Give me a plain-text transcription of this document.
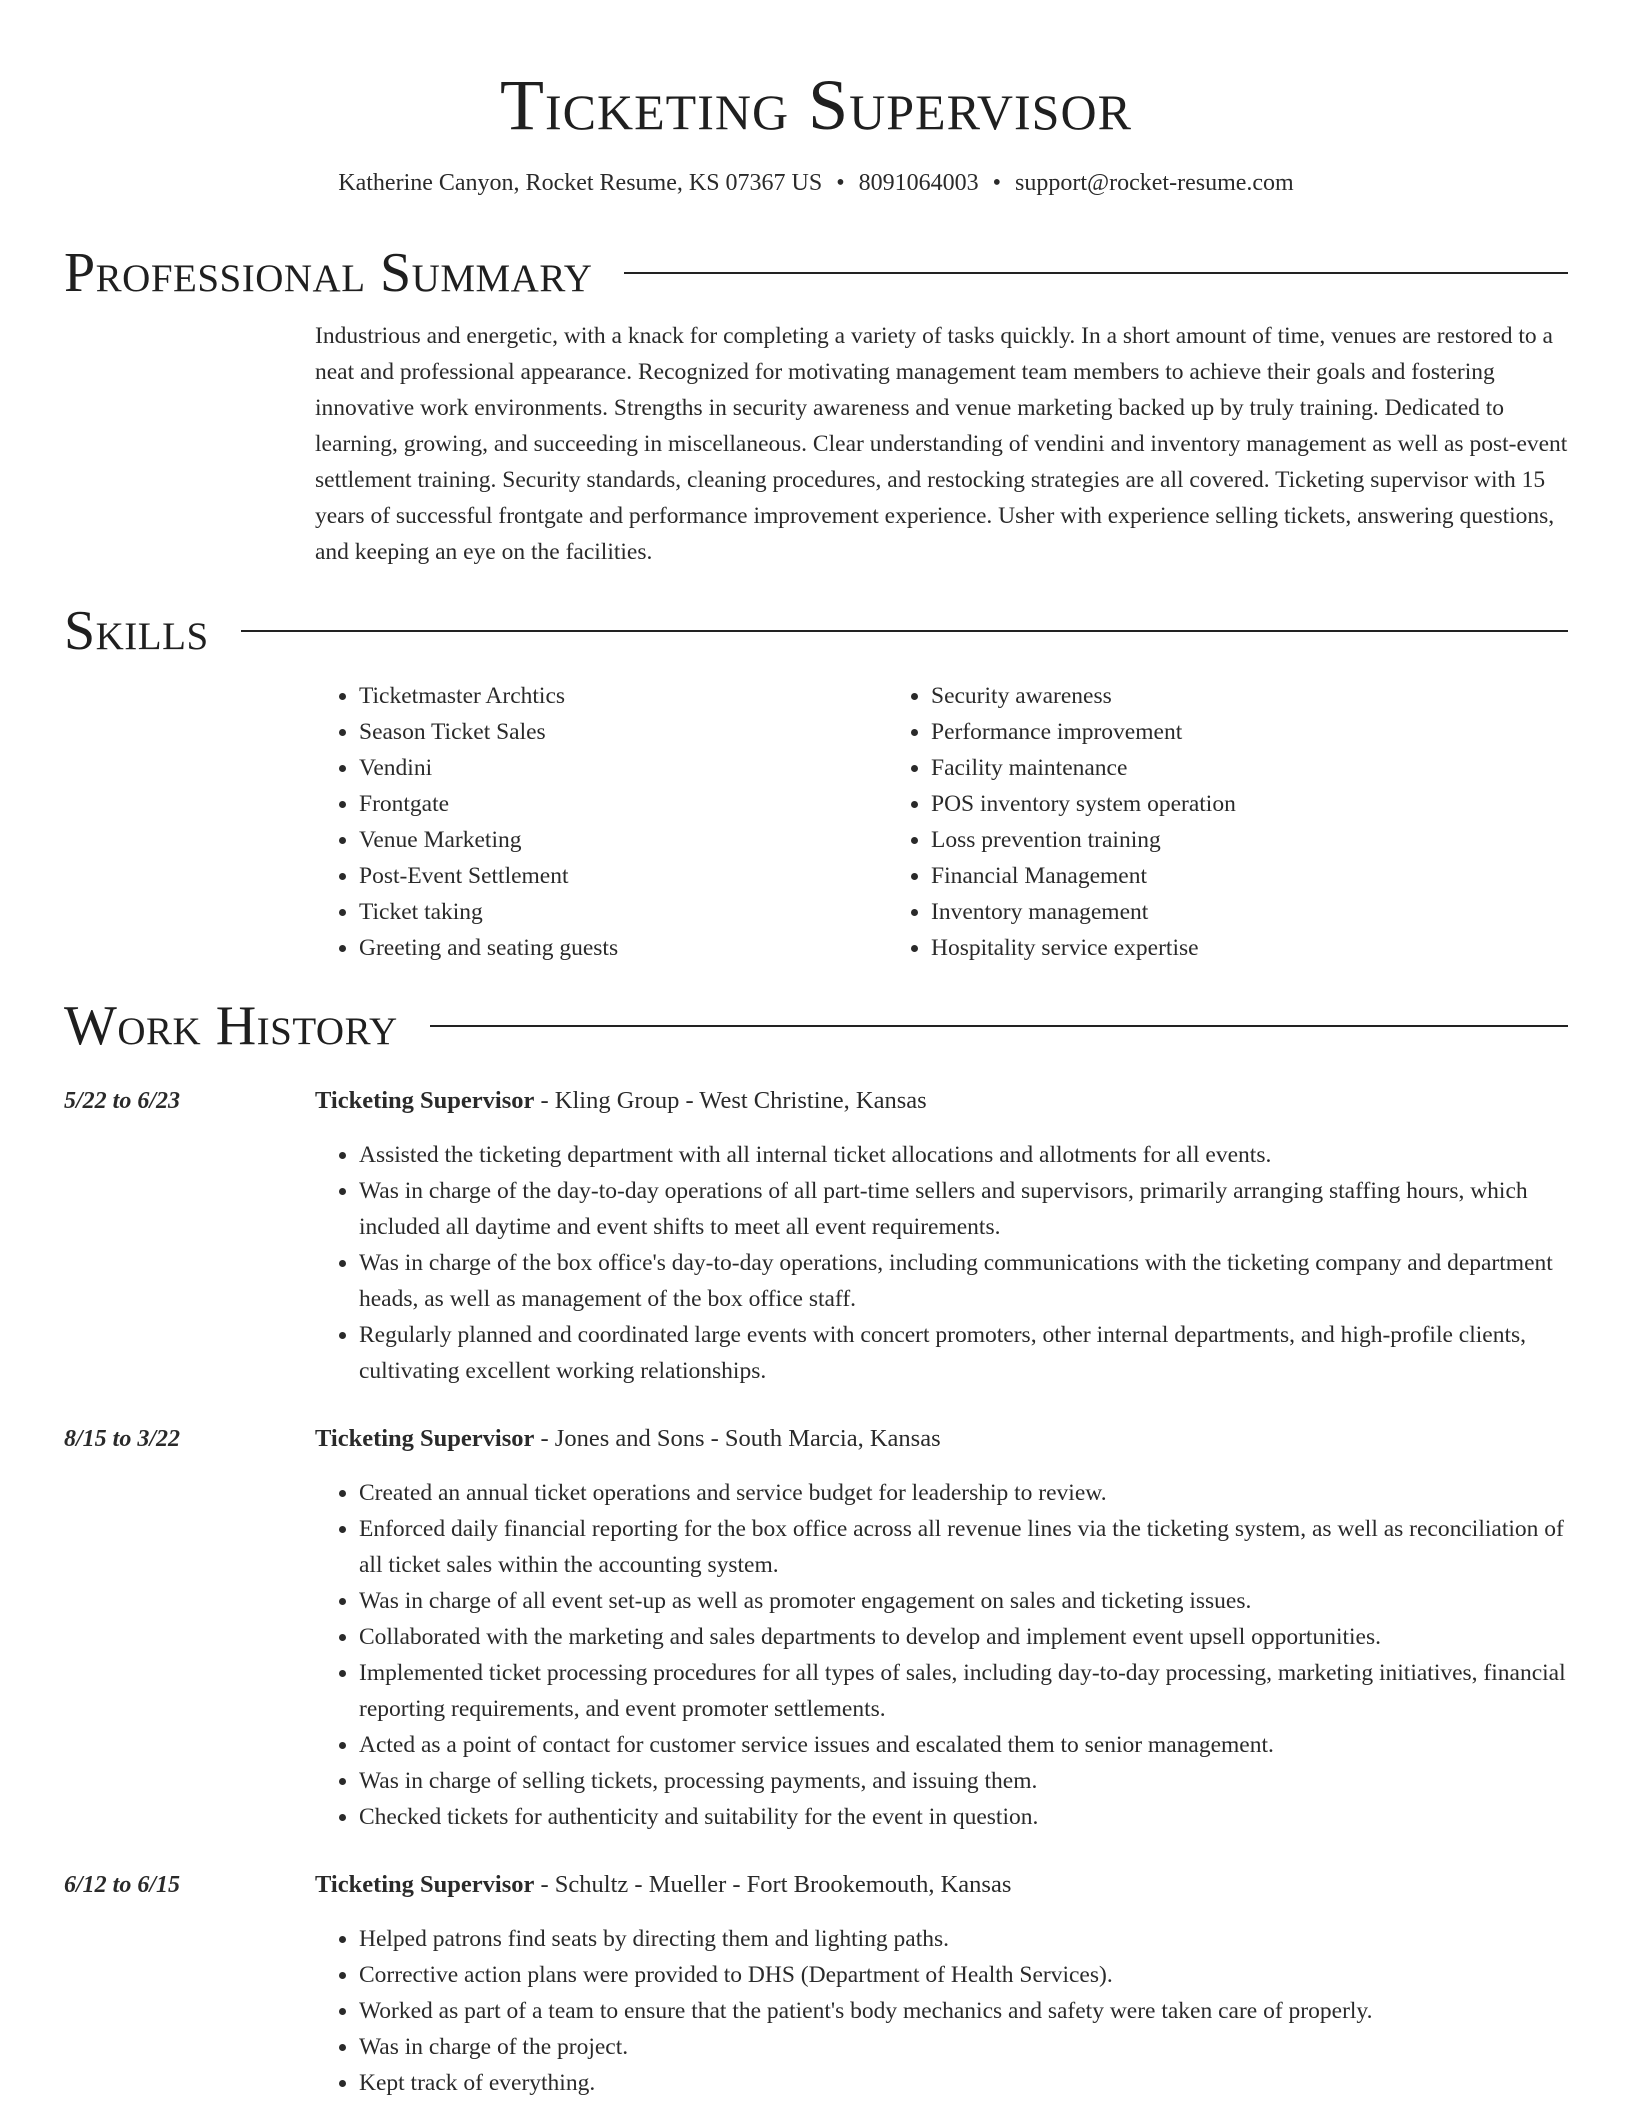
Ticketing Supervisor
Katherine Canyon, Rocket Resume, KS 07367 US • 8091064003 • support@rocket-resume.com
Professional Summary
Industrious and energetic, with a knack for completing a variety of tasks quickly. In a short amount of time, venues are restored to a neat and professional appearance. Recognized for motivating management team members to achieve their goals and fostering innovative work environments. Strengths in security awareness and venue marketing backed up by truly training. Dedicated to learning, growing, and succeeding in miscellaneous. Clear understanding of vendini and inventory management as well as post-event settlement training. Security standards, cleaning procedures, and restocking strategies are all covered. Ticketing supervisor with 15 years of successful frontgate and performance improvement experience. Usher with experience selling tickets, answering questions, and keeping an eye on the facilities.
Skills
• Ticketmaster Archtics
• Season Ticket Sales
• Vendini
• Frontgate
• Venue Marketing
• Post-Event Settlement
• Ticket taking
• Greeting and seating guests
• Security awareness
• Performance improvement
• Facility maintenance
• POS inventory system operation
• Loss prevention training
• Financial Management
• Inventory management
• Hospitality service expertise
Work History
5/22 to 6/23	Ticketing Supervisor - Kling Group - West Christine, Kansas
• Assisted the ticketing department with all internal ticket allocations and allotments for all events.
• Was in charge of the day-to-day operations of all part-time sellers and supervisors, primarily arranging staffing hours, which included all daytime and event shifts to meet all event requirements.
• Was in charge of the box office's day-to-day operations, including communications with the ticketing company and department heads, as well as management of the box office staff.
• Regularly planned and coordinated large events with concert promoters, other internal departments, and high-profile clients, cultivating excellent working relationships.
8/15 to 3/22	Ticketing Supervisor - Jones and Sons - South Marcia, Kansas
• Created an annual ticket operations and service budget for leadership to review.
• Enforced daily financial reporting for the box office across all revenue lines via the ticketing system, as well as reconciliation of all ticket sales within the accounting system.
• Was in charge of all event set-up as well as promoter engagement on sales and ticketing issues.
• Collaborated with the marketing and sales departments to develop and implement event upsell opportunities.
• Implemented ticket processing procedures for all types of sales, including day-to-day processing, marketing initiatives, financial reporting requirements, and event promoter settlements.
• Acted as a point of contact for customer service issues and escalated them to senior management.
• Was in charge of selling tickets, processing payments, and issuing them.
• Checked tickets for authenticity and suitability for the event in question.
6/12 to 6/15	Ticketing Supervisor - Schultz - Mueller - Fort Brookemouth, Kansas
• Helped patrons find seats by directing them and lighting paths.
• Corrective action plans were provided to DHS (Department of Health Services).
• Worked as part of a team to ensure that the patient's body mechanics and safety were taken care of properly.
• Was in charge of the project.
• Kept track of everything.
